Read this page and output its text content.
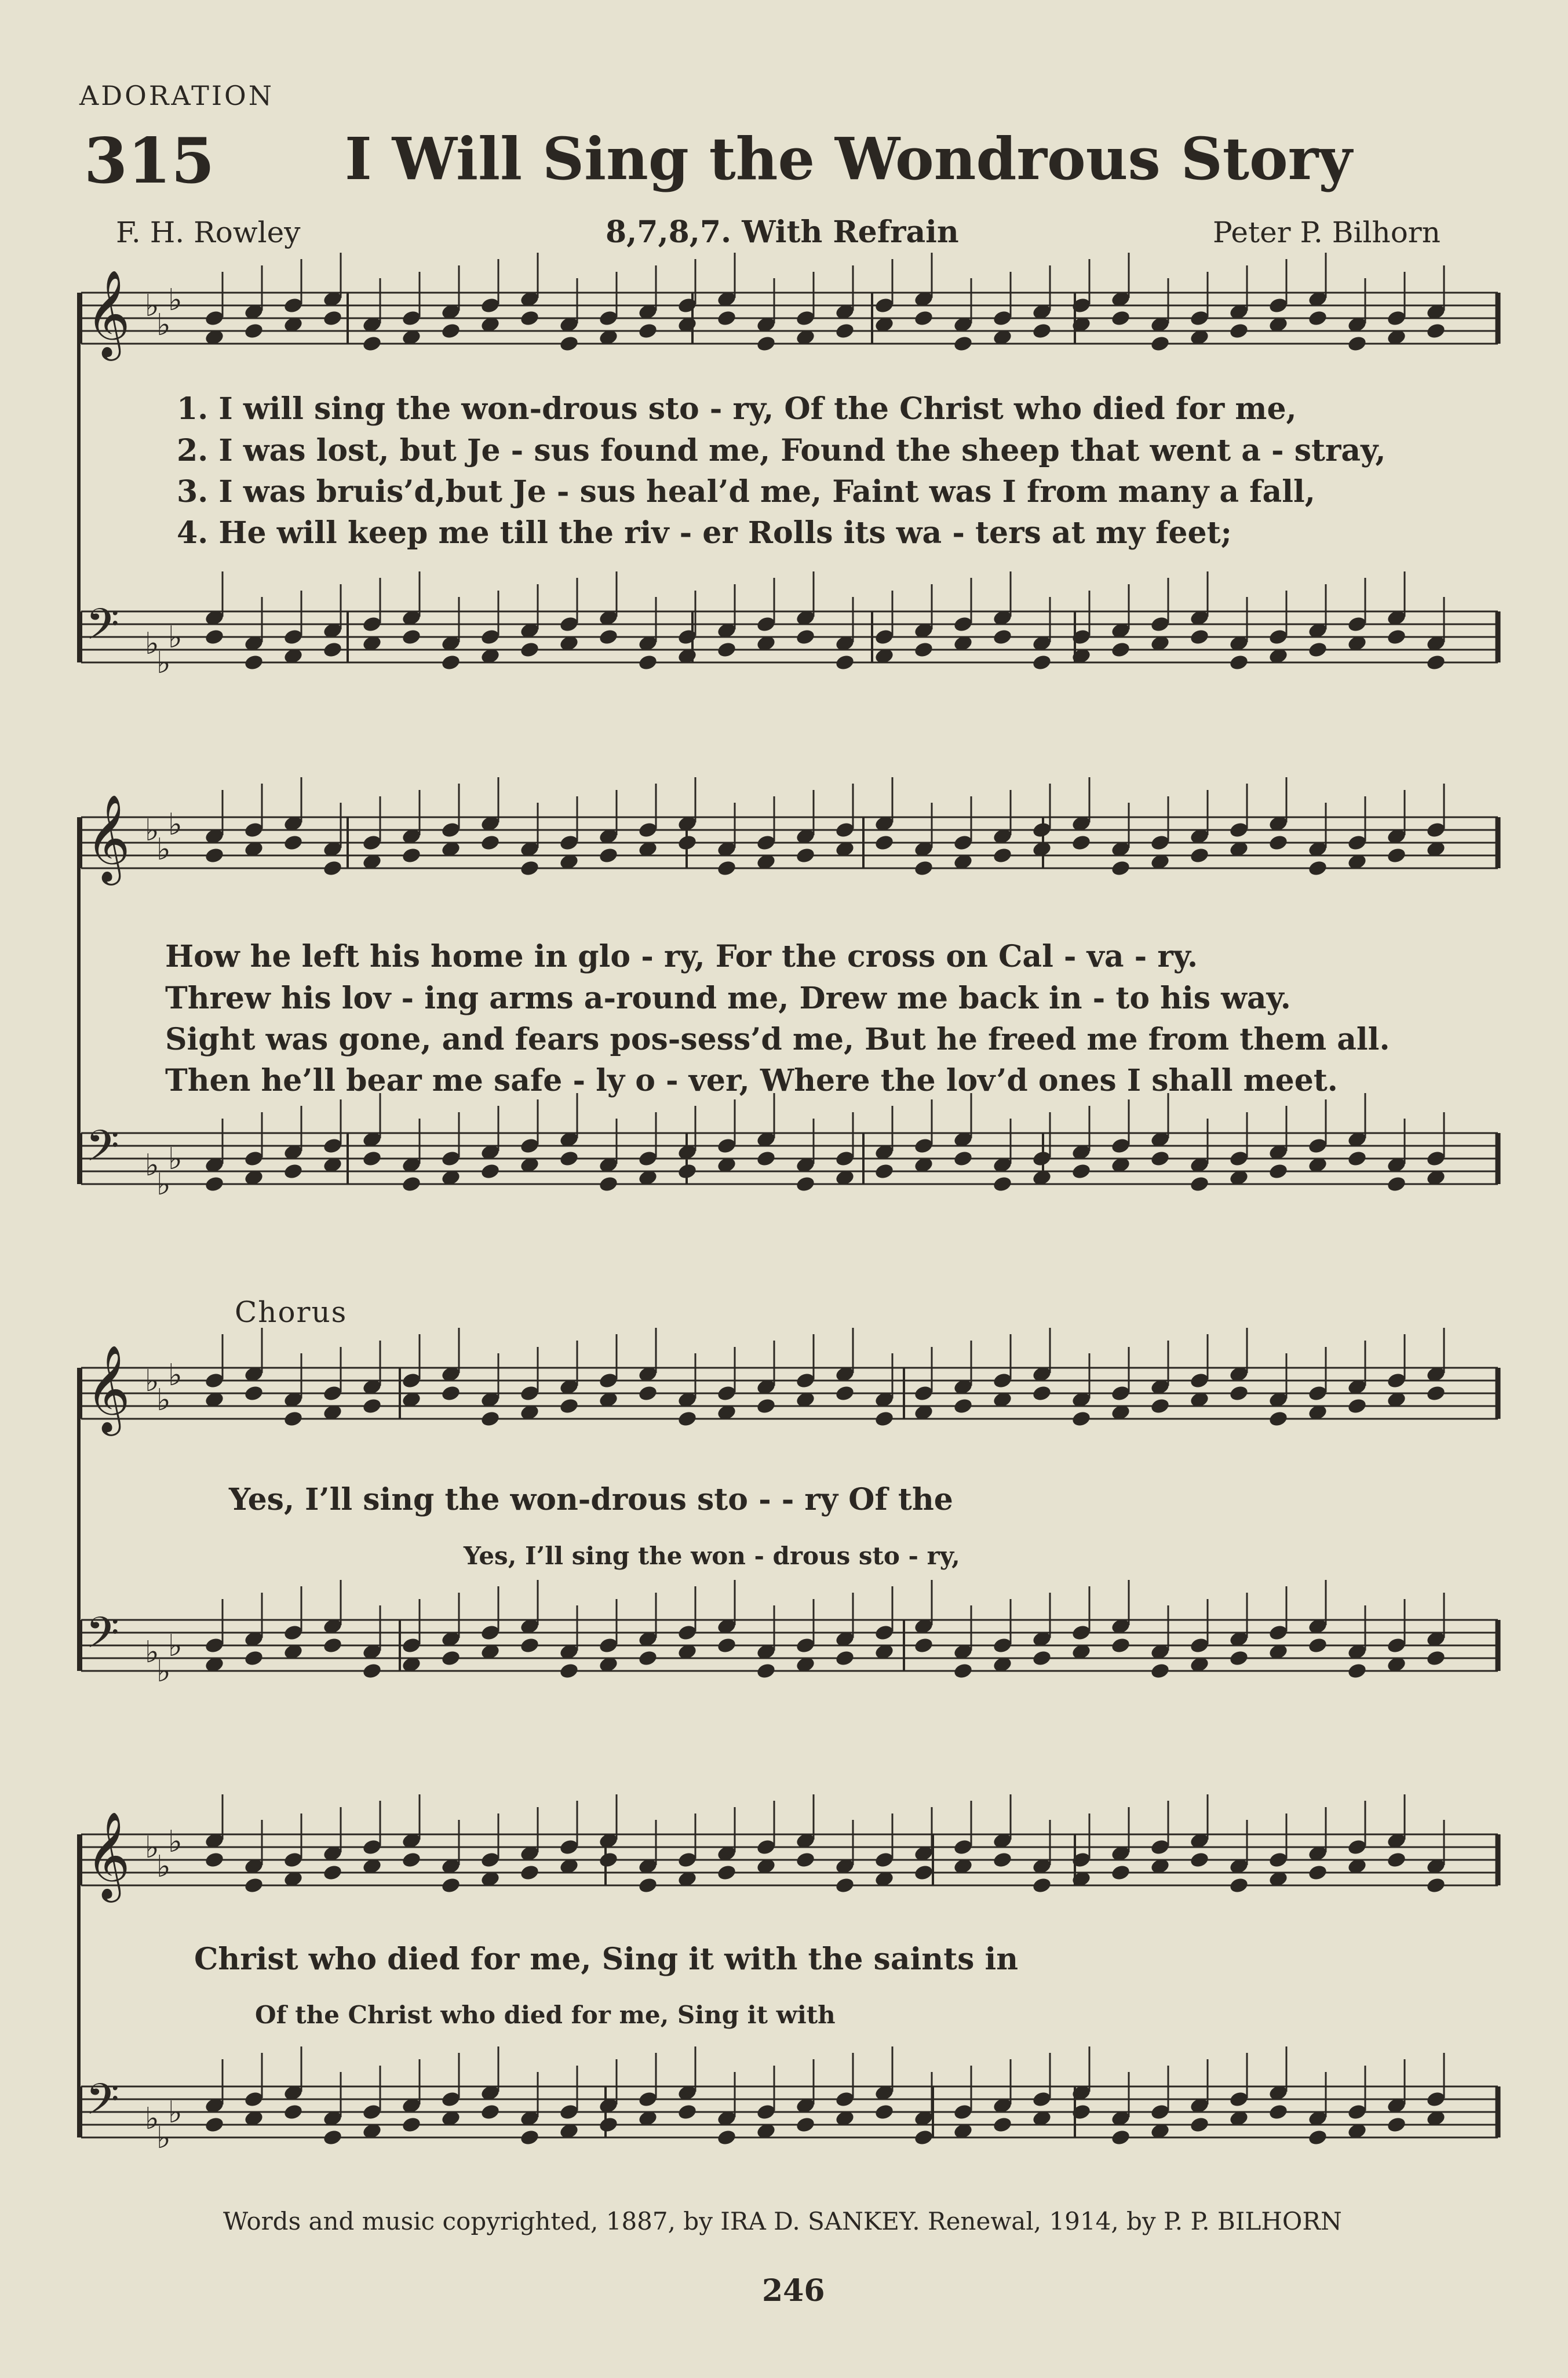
ADORATION
315 I Will Sing the Wondrous Story
F. H. Rowley	8,7,8,7. With Refrain	Peter P. Bilhorn
𝄞 ♭
♭
♭
𝄢 ♭
♭
♭
𝄞 ♭
♭
♭
𝄢 ♭
♭
♭
𝄞 ♭
♭
♭
𝄢 ♭
♭
♭
𝄞 ♭
♭
♭
𝄢 ♭
♭
♭
1. I will sing the won-drous sto - ry, Of the Christ who died for me,
2. I was lost, but Je - sus found me, Found the sheep that went a - stray,
3. I was bruis’d,but Je - sus heal’d me, Faint was I from many a fall,
4. He will keep me till the riv - er Rolls its wa - ters at my feet;
How he left his home in glo - ry, For the cross on Cal - va - ry.
Threw his lov - ing arms a-round me, Drew me back in - to his way.
Sight was gone, and fears pos-sess’d me, But he freed me from them all.
Then he’ll bear me safe - ly o - ver, Where the lov’d ones I shall meet.
Chorus
Yes, I’ll sing the won-drous sto - - ry Of the
Yes, I’ll sing the won - drous sto - ry,
Christ who died for me, Sing it with the saints in
Of the Christ who died for me, Sing it with
Words and music copyrighted, 1887, by IRA D. SANKEY. Renewal, 1914, by P. P. BILHORN
246
